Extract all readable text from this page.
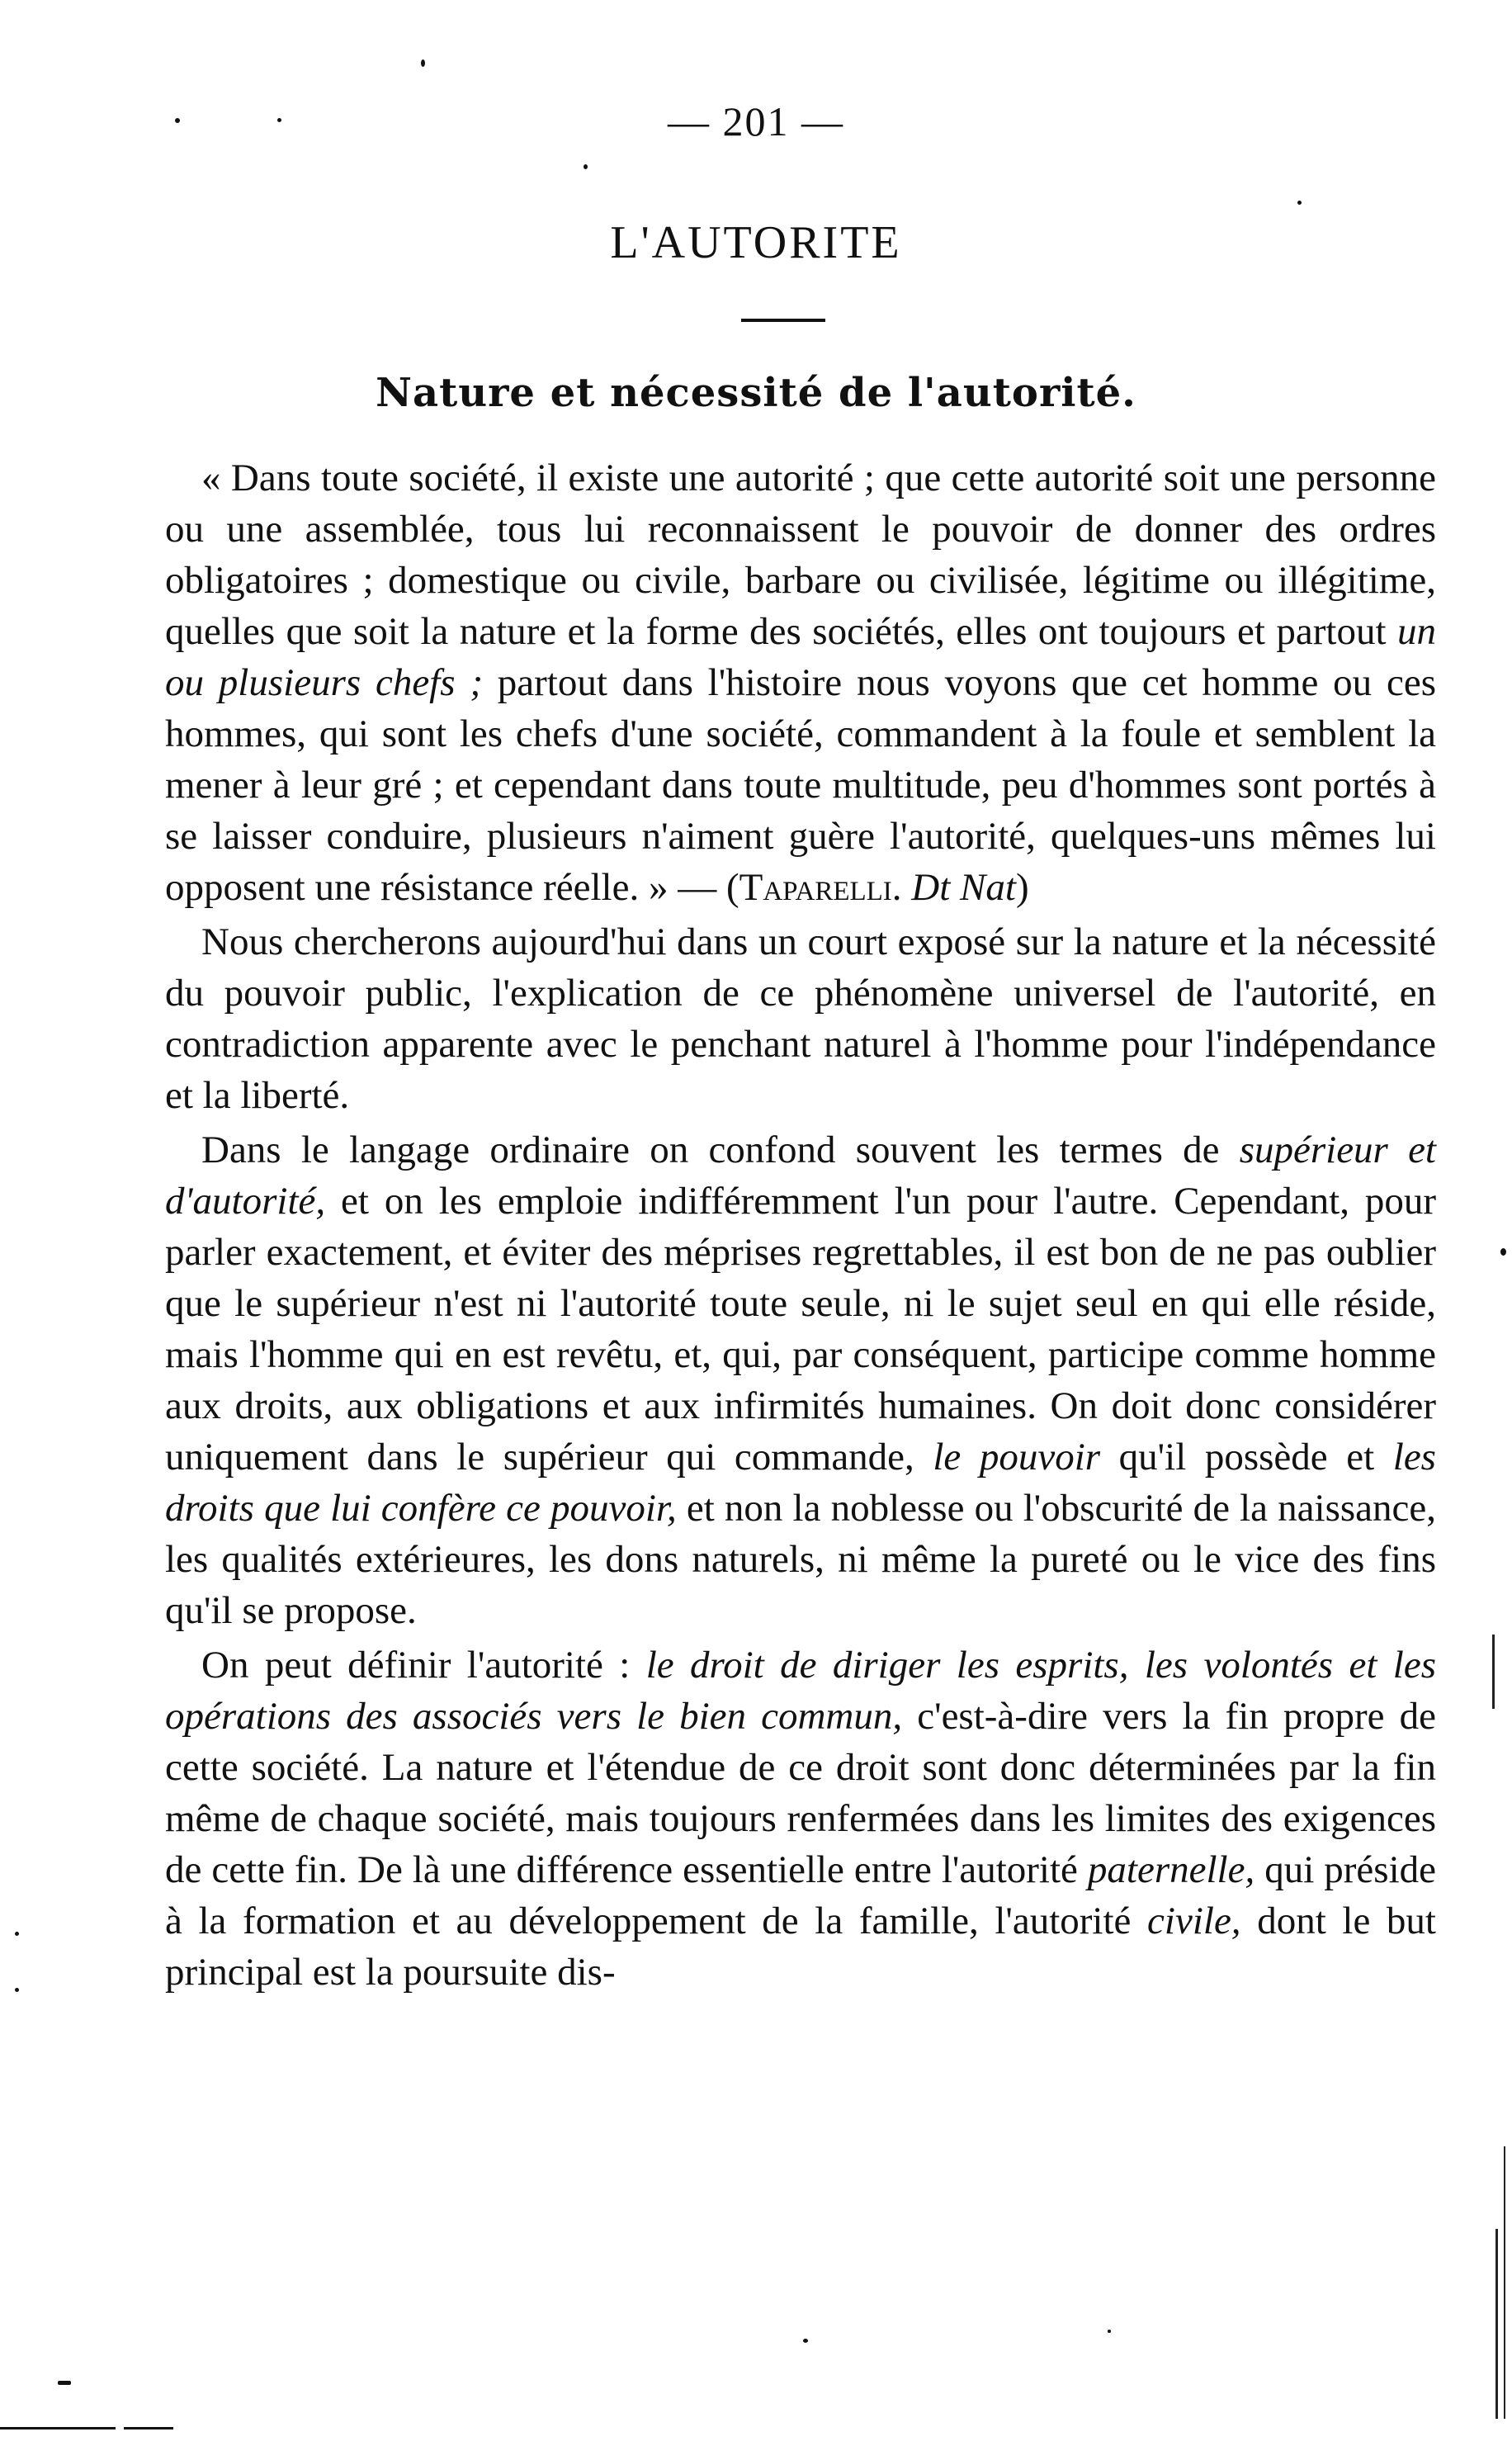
— 201 —
L'AUTORITE
Nature et nécessité de l'autorité.

« Dans toute société, il existe une autorité ; que cette autorité soit une personne ou une assemblée, tous lui reconnaissent le pouvoir de donner des ordres obligatoires ; domestique ou civile, barbare ou civilisée, légitime ou illégitime, quelles que soit la nature et la forme des sociétés, elles ont toujours et partout un ou plusieurs chefs ; partout dans l'histoire nous voyons que cet homme ou ces hommes, qui sont les chefs d'une société, commandent à la foule et semblent la mener à leur gré ; et cependant dans toute multitude, peu d'hommes sont portés à se laisser conduire, plusieurs n'aiment guère l'autorité, quelques-uns mêmes lui opposent une résistance réelle. » — (Taparelli. Dt Nat)

Nous chercherons aujourd'hui dans un court exposé sur la nature et la nécessité du pouvoir public, l'explication de ce phénomène universel de l'autorité, en contradiction apparente avec le penchant naturel à l'homme pour l'indépendance et la liberté.

Dans le langage ordinaire on confond souvent les termes de supérieur et d'autorité, et on les emploie indifféremment l'un pour l'autre. Cependant, pour parler exactement, et éviter des méprises regrettables, il est bon de ne pas oublier que le supérieur n'est ni l'autorité toute seule, ni le sujet seul en qui elle réside, mais l'homme qui en est revêtu, et, qui, par conséquent, participe comme homme aux droits, aux obligations et aux infirmités humaines. On doit donc considérer uniquement dans le supérieur qui commande, le pouvoir qu'il possède et les droits que lui confère ce pouvoir, et non la noblesse ou l'obscurité de la naissance, les qualités extérieures, les dons naturels, ni même la pureté ou le vice des fins qu'il se propose.

On peut définir l'autorité : le droit de diriger les esprits, les volontés et les opérations des associés vers le bien commun, c'est-à-dire vers la fin propre de cette société. La nature et l'étendue de ce droit sont donc déterminées par la fin même de chaque société, mais toujours renfermées dans les limites des exigences de cette fin. De là une différence essentielle entre l'autorité paternelle, qui préside à la formation et au développement de la famille, l'autorité civile, dont le but principal est la poursuite dis-
